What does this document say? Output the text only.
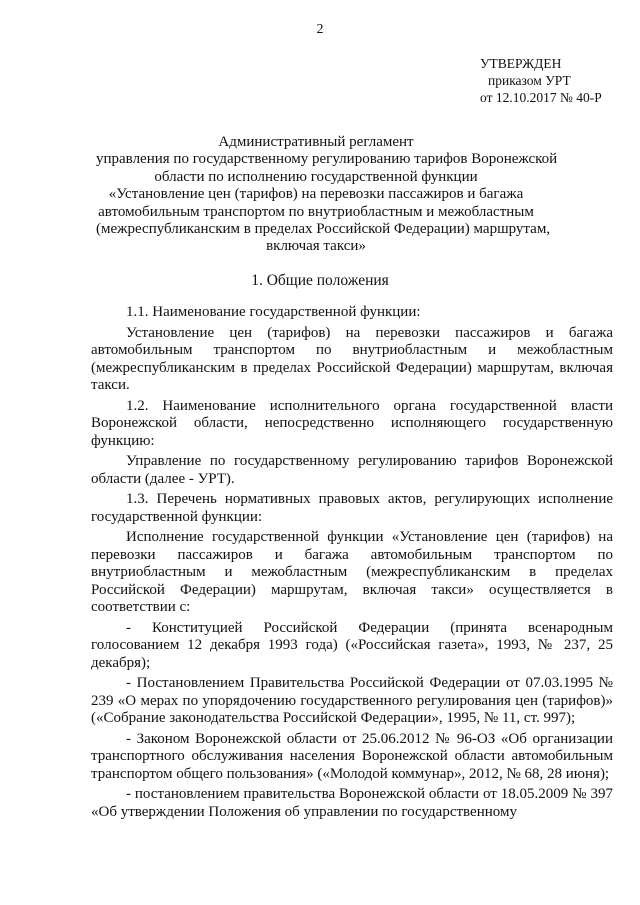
2
УТВЕРЖДЕН
приказом УРТ
от 12.10.2017 № 40-Р
Административный регламент
управления по государственному регулированию тарифов Воронежской
области по исполнению государственной функции
«Установление цен (тарифов) на перевозки пассажиров и багажа
автомобильным транспортом по внутриобластным и межобластным
(межреспубликанским в пределах Российской Федерации) маршрутам,
включая такси»
1. Общие положения

1.1. Наименование государственной функции:

Установление цен (тарифов) на перевозки пассажиров и багажа автомобильным транспортом по внутриобластным и межобластным (межреспубликанским в пределах Российской Федерации) маршрутам, включая такси.

1.2. Наименование исполнительного органа государственной власти Воронежской области, непосредственно исполняющего государственную функцию:

Управление по государственному регулированию тарифов Воронежской области (далее - УРТ).

1.3. Перечень нормативных правовых актов, регулирующих исполнение государственной функции:

Исполнение государственной функции «Установление цен (тарифов) на перевозки пассажиров и багажа автомобильным транспортом по внутриобластным и межобластным (межреспубликанским в пределах Российской Федерации) маршрутам, включая такси» осуществляется в соответствии с:

- Конституцией Российской Федерации (принята всенародным голосованием 12 декабря 1993 года) («Российская газета», 1993, № 237, 25 декабря);

- Постановлением Правительства Российской Федерации от 07.03.1995 № 239 «О мерах по упорядочению государственного регулирования цен (тарифов)» («Собрание законодательства Российской Федерации», 1995, № 11, ст. 997);

- Законом Воронежской области от 25.06.2012 № 96-ОЗ «Об организации транспортного обслуживания населения Воронежской области автомобильным транспортом общего пользования» («Молодой коммунар», 2012, № 68, 28 июня);

- постановлением правительства Воронежской области от 18.05.2009 № 397 «Об утверждении Положения об управлении по государственному
